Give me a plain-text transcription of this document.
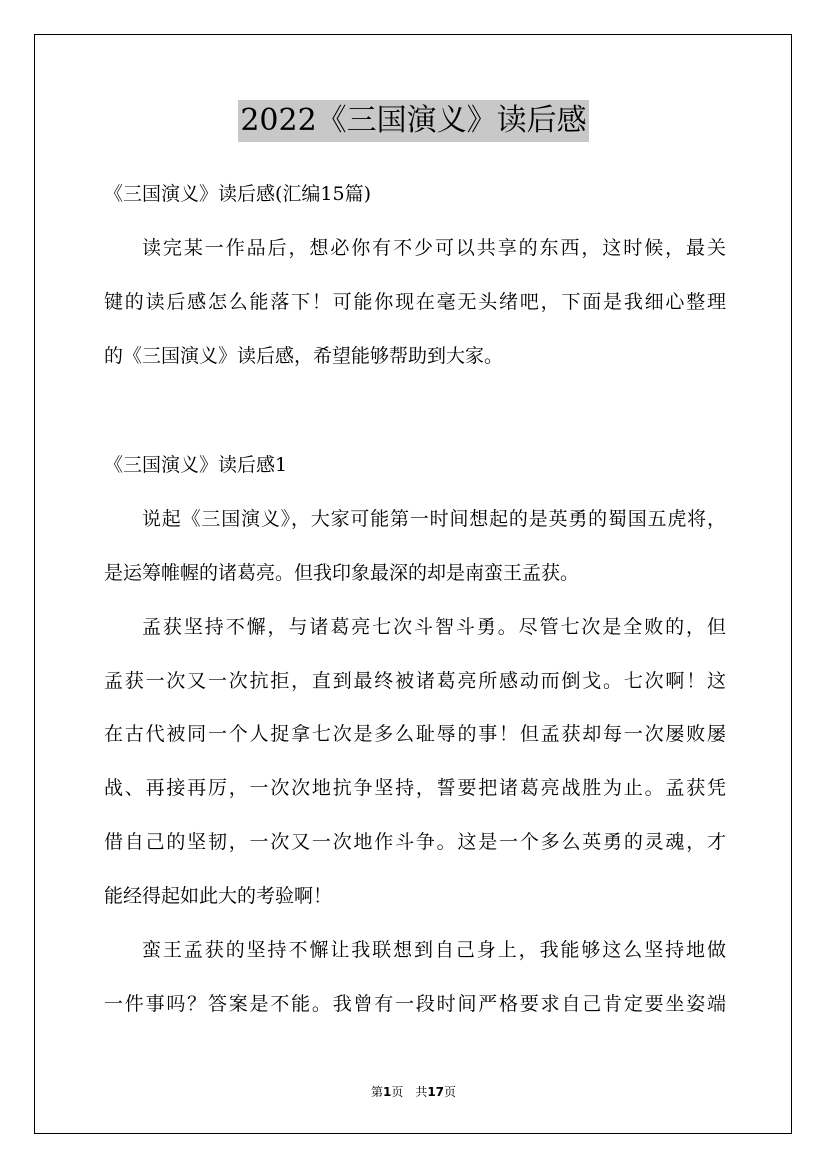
2022《三国演义》读后感
《三国演义》读后感(汇编15篇)
读完某一作品后，想必你有不少可以共享的东西，这时候，最关
键的读后感怎么能落下！可能你现在毫无头绪吧，下面是我细心整理
的《三国演义》读后感，希望能够帮助到大家。
《三国演义》读后感1
说起《三国演义》，大家可能第一时间想起的是英勇的蜀国五虎将，
是运筹帷幄的诸葛亮。但我印象最深的却是南蛮王孟获。
孟获坚持不懈，与诸葛亮七次斗智斗勇。尽管七次是全败的，但
孟获一次又一次抗拒，直到最终被诸葛亮所感动而倒戈。七次啊！这
在古代被同一个人捉拿七次是多么耻辱的事！但孟获却每一次屡败屡
战、再接再厉，一次次地抗争坚持，誓要把诸葛亮战胜为止。孟获凭
借自己的坚韧，一次又一次地作斗争。这是一个多么英勇的灵魂，才
能经得起如此大的考验啊！
蛮王孟获的坚持不懈让我联想到自己身上，我能够这么坚持地做
一件事吗？答案是不能。我曾有一段时间严格要求自己肯定要坐姿端
第1页　共17页
